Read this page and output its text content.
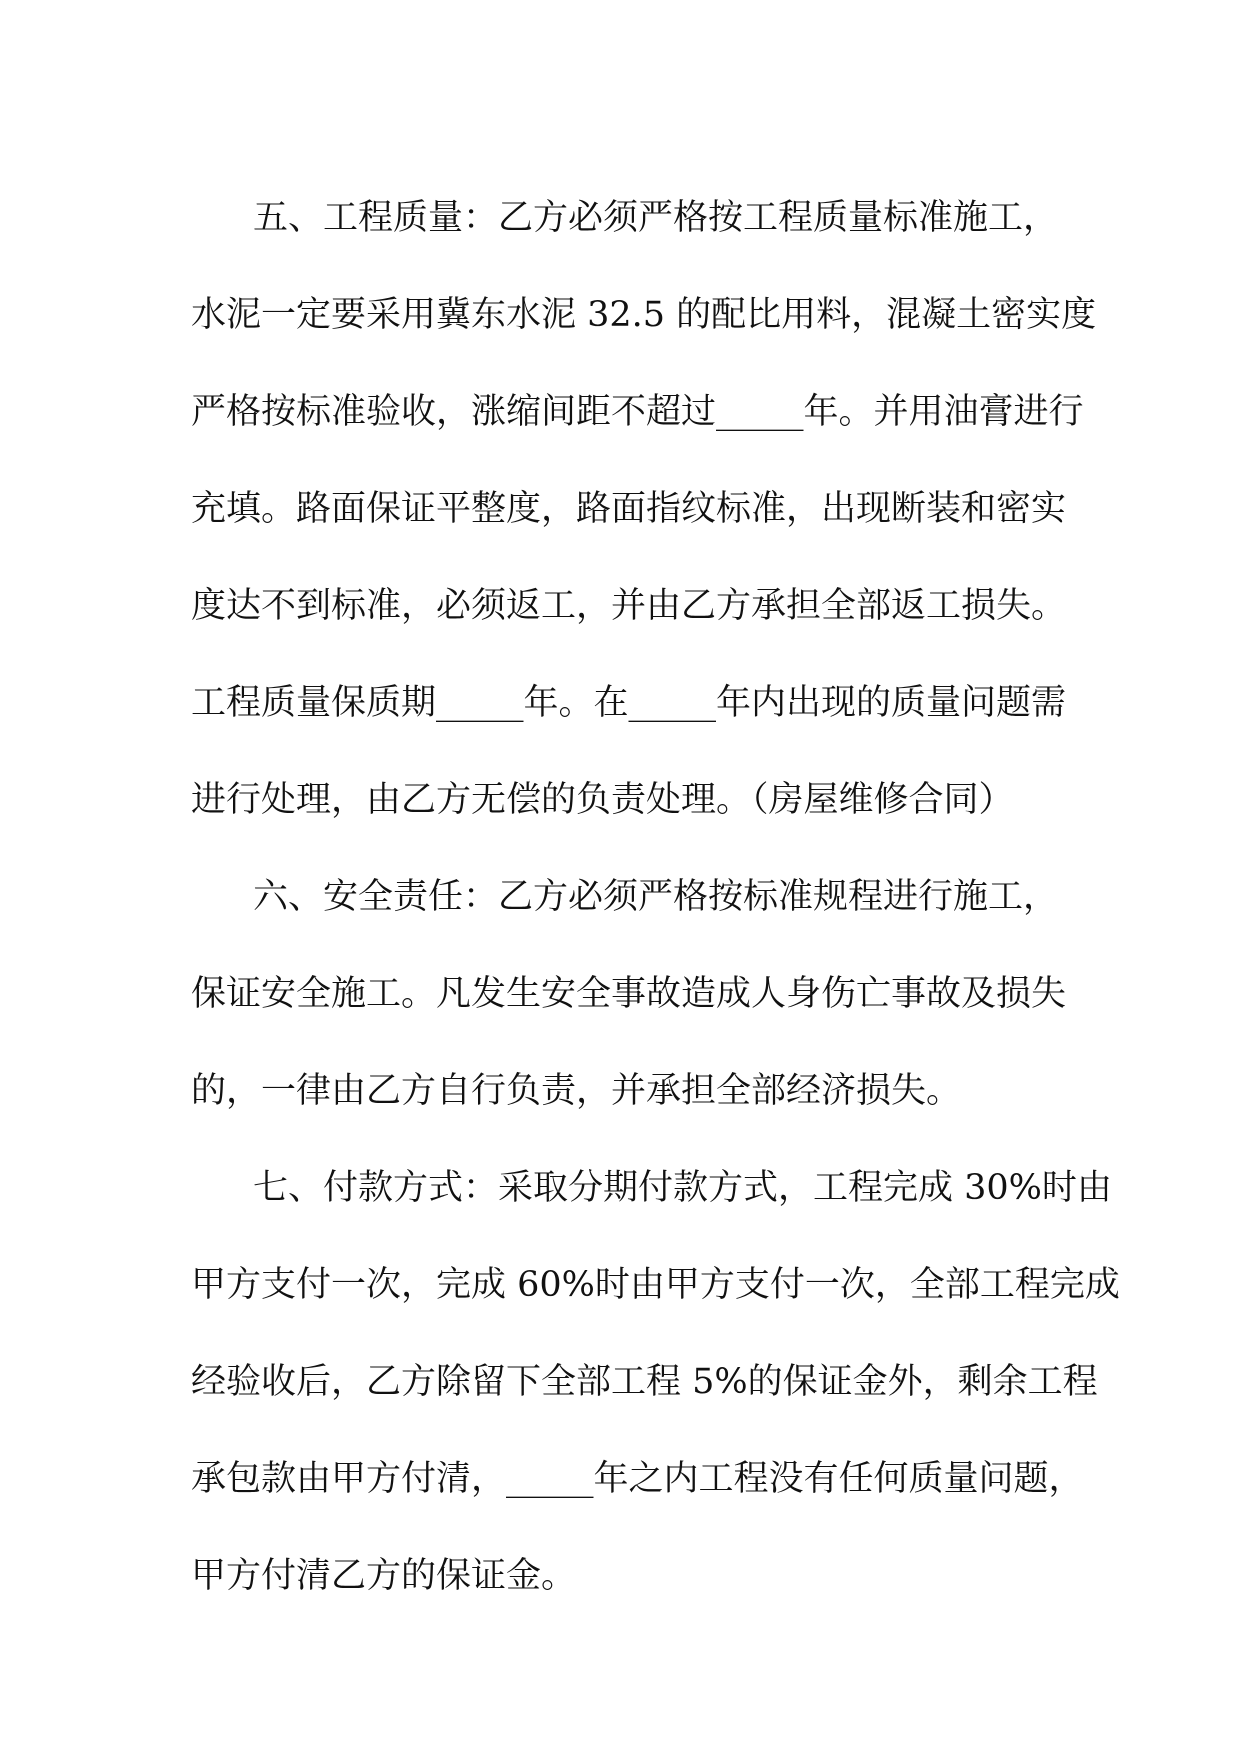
五、工程质量：乙方必须严格按工程质量标准施工，
水泥一定要采用冀东水泥 32.5 的配比用料，混凝土密实度
严格按标准验收，涨缩间距不超过_____年。并用油膏进行
充填。路面保证平整度，路面指纹标准，出现断装和密实
度达不到标准，必须返工，并由乙方承担全部返工损失。
工程质量保质期_____年。在_____年内出现的质量问题需
进行处理，由乙方无偿的负责处理。（房屋维修合同）
六、安全责任：乙方必须严格按标准规程进行施工，
保证安全施工。凡发生安全事故造成人身伤亡事故及损失
的，一律由乙方自行负责，并承担全部经济损失。
七、付款方式：采取分期付款方式，工程完成 30%时由
甲方支付一次，完成 60%时由甲方支付一次，全部工程完成
经验收后，乙方除留下全部工程 5%的保证金外，剩余工程
承包款由甲方付清，_____年之内工程没有任何质量问题，
甲方付清乙方的保证金。
